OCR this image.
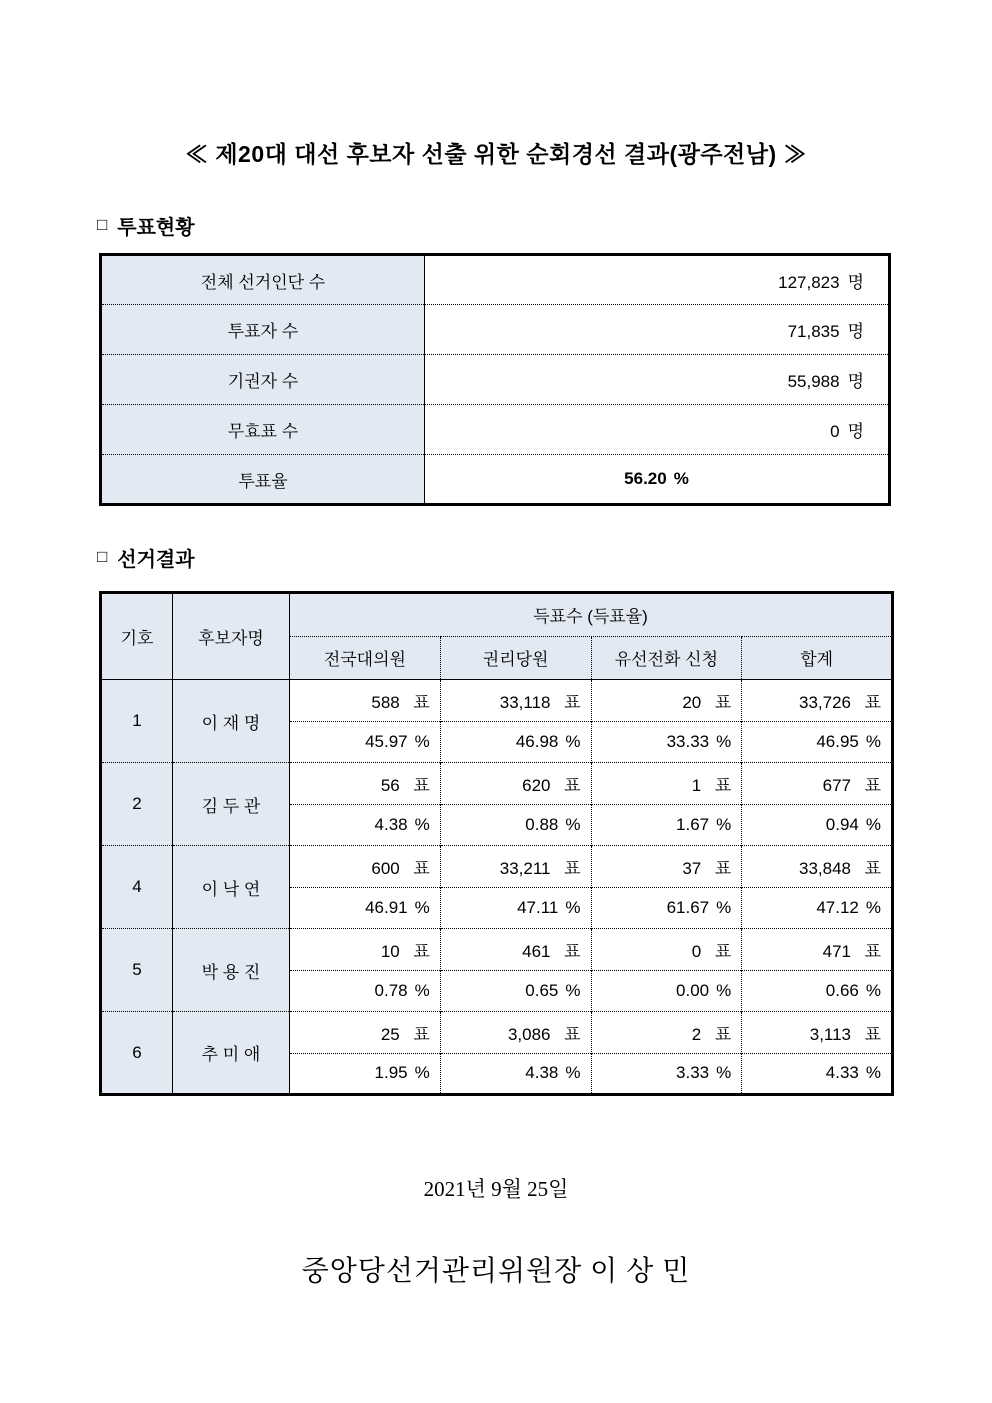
≪ 제20대 대선 후보자 선출 위한 순회경선 결과(광주전남) ≫
□ 투표현황
전체 선거인단 수	127,823 명
투표자 수	71,835 명
기권자 수	55,988 명
무효표 수	0 명
투표율	56.20 %
□ 선거결과
기호	후보자명	득표수 (득표율)			
		전국대의원	권리당원	유선전화 신청	합계
1	이 재 명	588 표	33,118 표	20 표	33,726 표
		45.97 %	46.98 %	33.33 %	46.95 %
2	김 두 관	56 표	620 표	1 표	677 표
		4.38 %	0.88 %	1.67 %	0.94 %
4	이 낙 연	600 표	33,211 표	37 표	33,848 표
		46.91 %	47.11 %	61.67 %	47.12 %
5	박 용 진	10 표	461 표	0 표	471 표
		0.78 %	0.65 %	0.00 %	0.66 %
6	추 미 애	25 표	3,086 표	2 표	3,113 표
		1.95 %	4.38 %	3.33 %	4.33 %
2021년 9월 25일
중앙당선거관리위원장 이 상 민
